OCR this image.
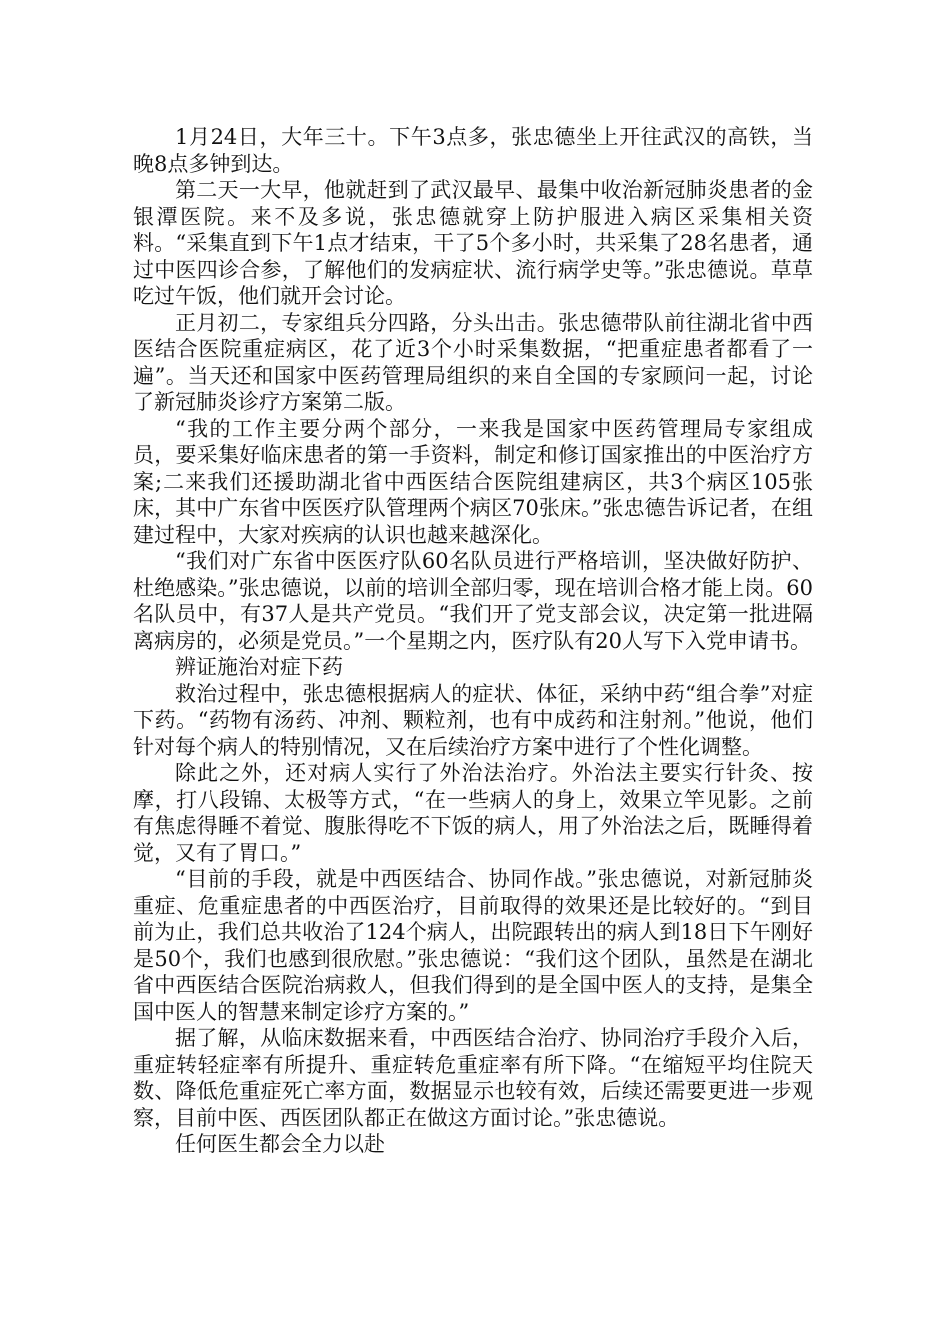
1月24日，大年三十。下午3点多，张忠德坐上开往武汉的高铁，当晚8点多钟到达。

第二天一大早，他就赶到了武汉最早、最集中收治新冠肺炎患者的金银潭医院。来不及多说，张忠德就穿上防护服进入病区采集相关资料。“采集直到下午1点才结束，干了5个多小时，共采集了28名患者，通过中医四诊合参，了解他们的发病症状、流行病学史等。”张忠德说。草草吃过午饭，他们就开会讨论。

正月初二，专家组兵分四路，分头出击。张忠德带队前往湖北省中西医结合医院重症病区，花了近3个小时采集数据，“把重症患者都看了一遍”。当天还和国家中医药管理局组织的来自全国的专家顾问一起，讨论了新冠肺炎诊疗方案第二版。

“我的工作主要分两个部分，一来我是国家中医药管理局专家组成员，要采集好临床患者的第一手资料，制定和修订国家推出的中医治疗方案;二来我们还援助湖北省中西医结合医院组建病区，共3个病区105张床，其中广东省中医医疗队管理两个病区70张床。”张忠德告诉记者，在组建过程中，大家对疾病的认识也越来越深化。

“我们对广东省中医医疗队60名队员进行严格培训，坚决做好防护、杜绝感染。”张忠德说，以前的培训全部归零，现在培训合格才能上岗。60名队员中，有37人是共产党员。“我们开了党支部会议，决定第一批进隔离病房的，必须是党员。”一个星期之内，医疗队有20人写下入党申请书。

辨证施治对症下药

救治过程中，张忠德根据病人的症状、体征，采纳中药“组合拳”对症下药。“药物有汤药、冲剂、颗粒剂，也有中成药和注射剂。”他说，他们针对每个病人的特别情况，又在后续治疗方案中进行了个性化调整。

除此之外，还对病人实行了外治法治疗。外治法主要实行针灸、按摩，打八段锦、太极等方式，“在一些病人的身上，效果立竿见影。之前有焦虑得睡不着觉、腹胀得吃不下饭的病人，用了外治法之后，既睡得着觉，又有了胃口。”

“目前的手段，就是中西医结合、协同作战。”张忠德说，对新冠肺炎重症、危重症患者的中西医治疗，目前取得的效果还是比较好的。“到目前为止，我们总共收治了124个病人，出院跟转出的病人到18日下午刚好是50个，我们也感到很欣慰。”张忠德说：“我们这个团队，虽然是在湖北省中西医结合医院治病救人，但我们得到的是全国中医人的支持，是集全国中医人的智慧来制定诊疗方案的。”

据了解，从临床数据来看，中西医结合治疗、协同治疗手段介入后，重症转轻症率有所提升、重症转危重症率有所下降。“在缩短平均住院天数、降低危重症死亡率方面，数据显示也较有效，后续还需要更进一步观察，目前中医、西医团队都正在做这方面讨论。”张忠德说。

任何医生都会全力以赴
